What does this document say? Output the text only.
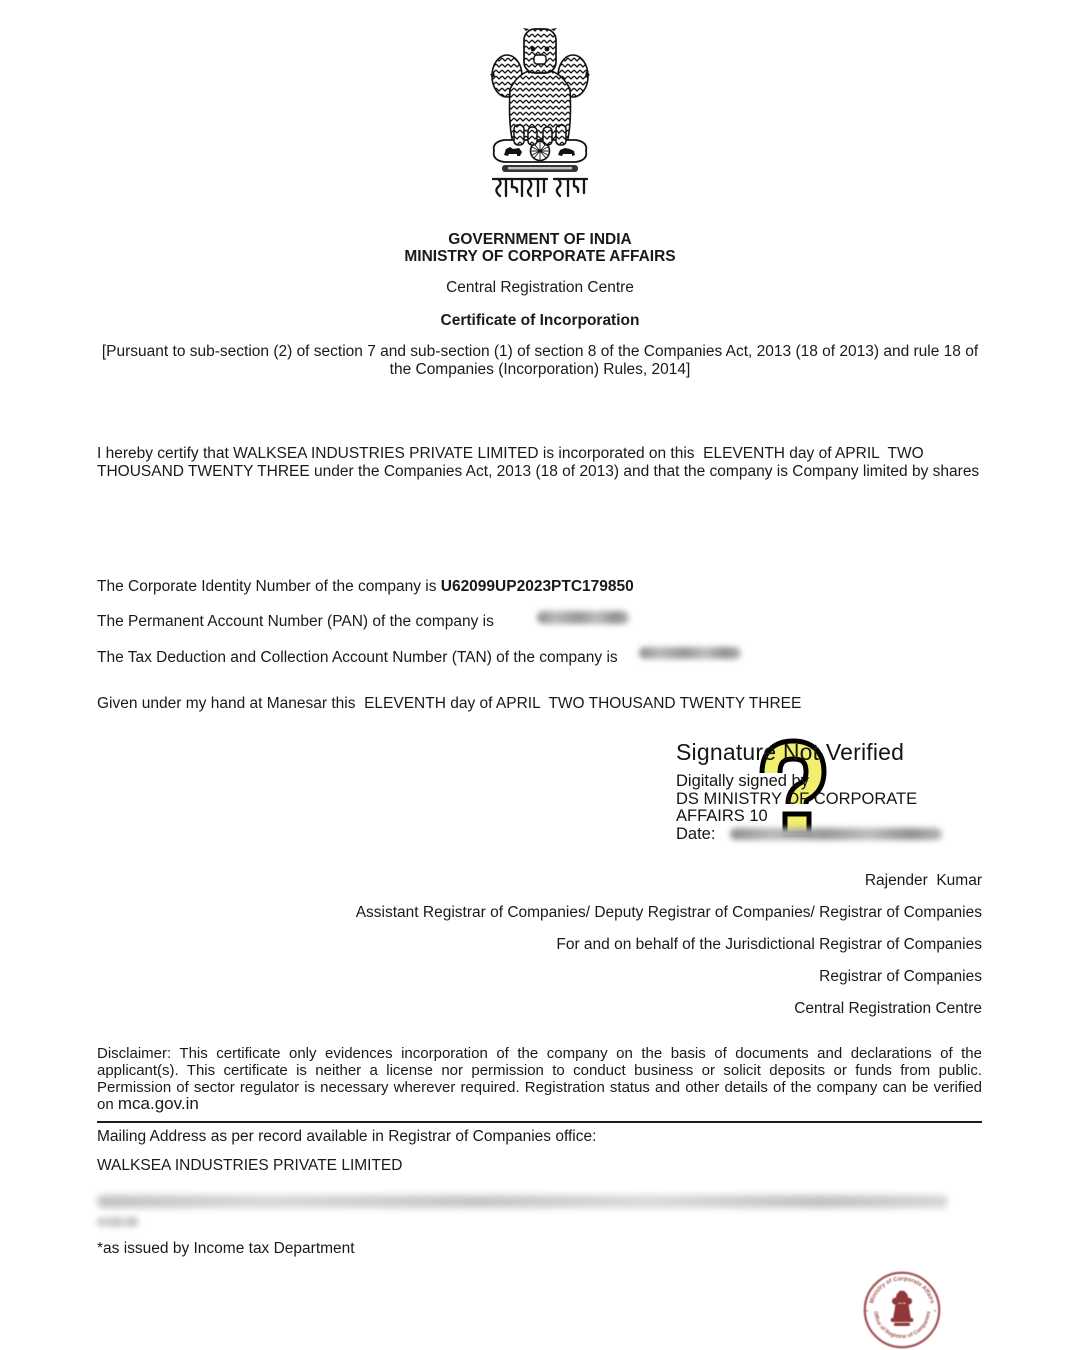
GOVERNMENT OF INDIA
MINISTRY OF CORPORATE AFFAIRS
Central Registration Centre
Certificate of Incorporation
[Pursuant to sub-section (2) of section 7 and sub-section (1) of section 8 of the Companies Act, 2013 (18 of 2013) and rule 18 of the Companies (Incorporation) Rules, 2014]

I hereby certify that WALKSEA INDUSTRIES PRIVATE LIMITED is incorporated on this  ELEVENTH day of APRIL  TWO THOUSAND TWENTY THREE under the Companies Act, 2013 (18 of 2013) and that the company is Company limited by shares

The Corporate Identity Number of the company is U62099UP2023PTC179850

The Permanent Account Number (PAN) of the company is

The Tax Deduction and Collection Account Number (TAN) of the company is

Given under my hand at Manesar this  ELEVENTH day of APRIL  TWO THOUSAND TWENTY THREE

Signature Not Verified
Digitally signed by
DS MINISTRY OF CORPORATE
AFFAIRS 10
Date:
Rajender  Kumar
Assistant Registrar of Companies/ Deputy Registrar of Companies/ Registrar of Companies
For and on behalf of the Jurisdictional Registrar of Companies
Registrar of Companies
Central Registration Centre

Disclaimer: This certificate only evidences incorporation of the company on the basis of documents and declarations of the applicant(s). This certificate is neither a license nor permission to conduct business or solicit deposits or funds from public. Permission of sector regulator is necessary wherever required. Registration status and other details of the company can be verified on mca.gov.in

Mailing Address as per record available in Registrar of Companies office:

WALKSEA INDUSTRIES PRIVATE LIMITED

*as issued by Income tax Department

Ministry of Corporate Affairs
Office of Registrar of Companies
•	•
